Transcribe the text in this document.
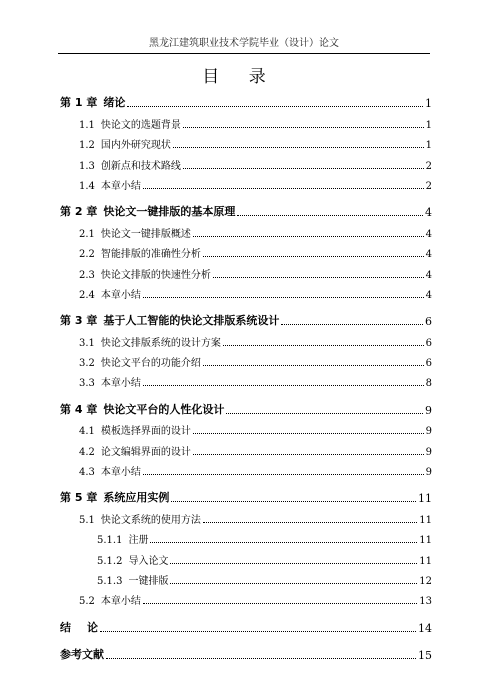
黑龙江建筑职业技术学院毕业（设计）论文
目 录
第 1 章 绪论	1
1.1 快论文的选题背景	1
1.2 国内外研究现状	1
1.3 创新点和技术路线	2
1.4 本章小结	2
第 2 章 快论文一键排版的基本原理	4
2.1 快论文一键排版概述	4
2.2 智能排版的准确性分析	4
2.3 快论文排版的快速性分析	4
2.4 本章小结	4
第 3 章 基于人工智能的快论文排版系统设计	6
3.1 快论文排版系统的设计方案	6
3.2 快论文平台的功能介绍	6
3.3 本章小结	8
第 4 章 快论文平台的人性化设计	9
4.1 模板选择界面的设计	9
4.2 论文编辑界面的设计	9
4.3 本章小结	9
第 5 章 系统应用实例	11
5.1 快论文系统的使用方法	11
5.1.1 注册	11
5.1.2 导入论文	11
5.1.3 一键排版	12
5.2 本章小结	13
结 论	14
参考文献	15
